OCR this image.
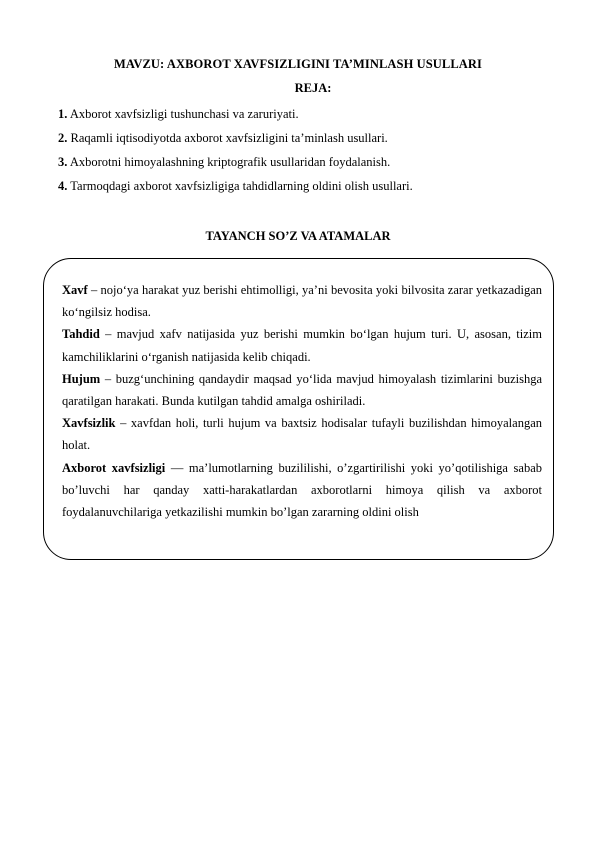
MAVZU: AXBOROT XAVFSIZLIGINI TA’MINLASH USULLARI
REJA:
1. Axborot xavfsizligi tushunchasi va zaruriyati.
2. Raqamli iqtisodiyotda axborot xavfsizligini ta’minlash usullari.
3. Axborotni himoyalashning kriptografik usullaridan foydalanish.
4. Tarmoqdagi axborot xavfsizligiga tahdidlarning oldini olish usullari.
TAYANCH SO’Z VA ATAMALAR

Xavf – nojo‘ya harakat yuz berishi ehtimolligi, ya’ni bevosita yoki bilvosita zarar yetkazadigan ko‘ngilsiz hodisa.

Tahdid – mavjud xafv natijasida yuz berishi mumkin bo‘lgan hujum turi. U, asosan, tizim kamchiliklarini o‘rganish natijasida kelib chiqadi.

Hujum – buzg‘unchining qandaydir maqsad yo‘lida mavjud himoyalash tizimlarini buzishga qaratilgan harakati. Bunda kutilgan tahdid amalga oshiriladi.

Xavfsizlik – xavfdan holi, turli hujum va baxtsiz hodisalar tufayli buzilishdan himoyalangan holat.

Axborot xavfsizligi — ma’lumotlarning buzililishi, o’zgartirilishi yoki yo’qotilishiga sabab bo’luvchi har qanday xatti-harakatlardan axborotlarni himoya qilish va axborot foydalanuvchilariga yetkazilishi mumkin bo’lgan zararning oldini olish
